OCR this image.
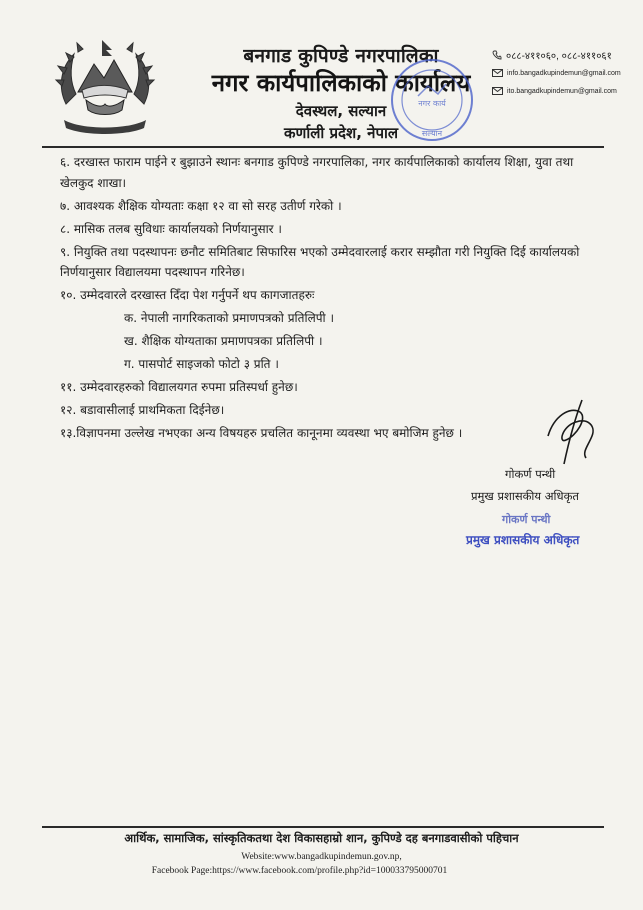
बनगाड कुपिण्डे नगरपालिका
नगर कार्यपालिकाको कार्यालय
देवस्थल, सल्यान
कर्णाली प्रदेश, नेपाल
नगर कार्य
सल्यान
०८८-४११०६०, ०८८-४११०६१
info.bangadkupindemun@gmail.com
ito.bangadkupindemun@gmail.com

६. दरखास्त फाराम पाईने र बुझाउने स्थानः बनगाड कुपिण्डे नगरपालिका, नगर कार्यपालिकाको कार्यालय शिक्षा, युवा तथा खेलकुद शाखा।

७. आवश्यक शैक्षिक योग्यताः कक्षा १२ वा सो सरह उतीर्ण गरेको ।

८. मासिक तलब सुविधाः कार्यालयको निर्णयानुसार ।

९. नियुक्ति तथा पदस्थापनः छनौट समितिबाट सिफारिस भएको उम्मेदवारलाई करार सम्झौता गरी नियुक्ति दिई कार्यालयको निर्णयानुसार विद्यालयमा पदस्थापन गरिनेछ।

१०. उम्मेदवारले दरखास्त दिँदा पेश गर्नुपर्ने थप कागजातहरुः

क. नेपाली नागरिकताको प्रमाणपत्रको प्रतिलिपी ।

ख. शैक्षिक योग्यताका प्रमाणपत्रका प्रतिलिपी ।

ग. पासपोर्ट साइजको फोटो ३ प्रति ।

११. उम्मेदवारहरुको विद्यालयगत रुपमा प्रतिस्पर्धा हुनेछ।

१२. बडावासीलाई प्राथमिकता दिईनेछ।

१३.विज्ञापनमा उल्लेख नभएका अन्य विषयहरु प्रचलित कानूनमा व्यवस्था भए बमोजिम हुनेछ ।

गोकर्ण पन्थी
प्रमुख प्रशासकीय अधिकृत
गोकर्ण पन्थी
प्रमुख प्रशासकीय अधिकृत
आर्थिक, सामाजिक, सांस्कृतिकतथा देश विकासहाम्रो शान, कुपिण्डे दह बनगाडवासीको पहिचान
Website:www.bangadkupindemun.gov.np,
Facebook Page:https://www.facebook.com/profile.php?id=100033795000701
